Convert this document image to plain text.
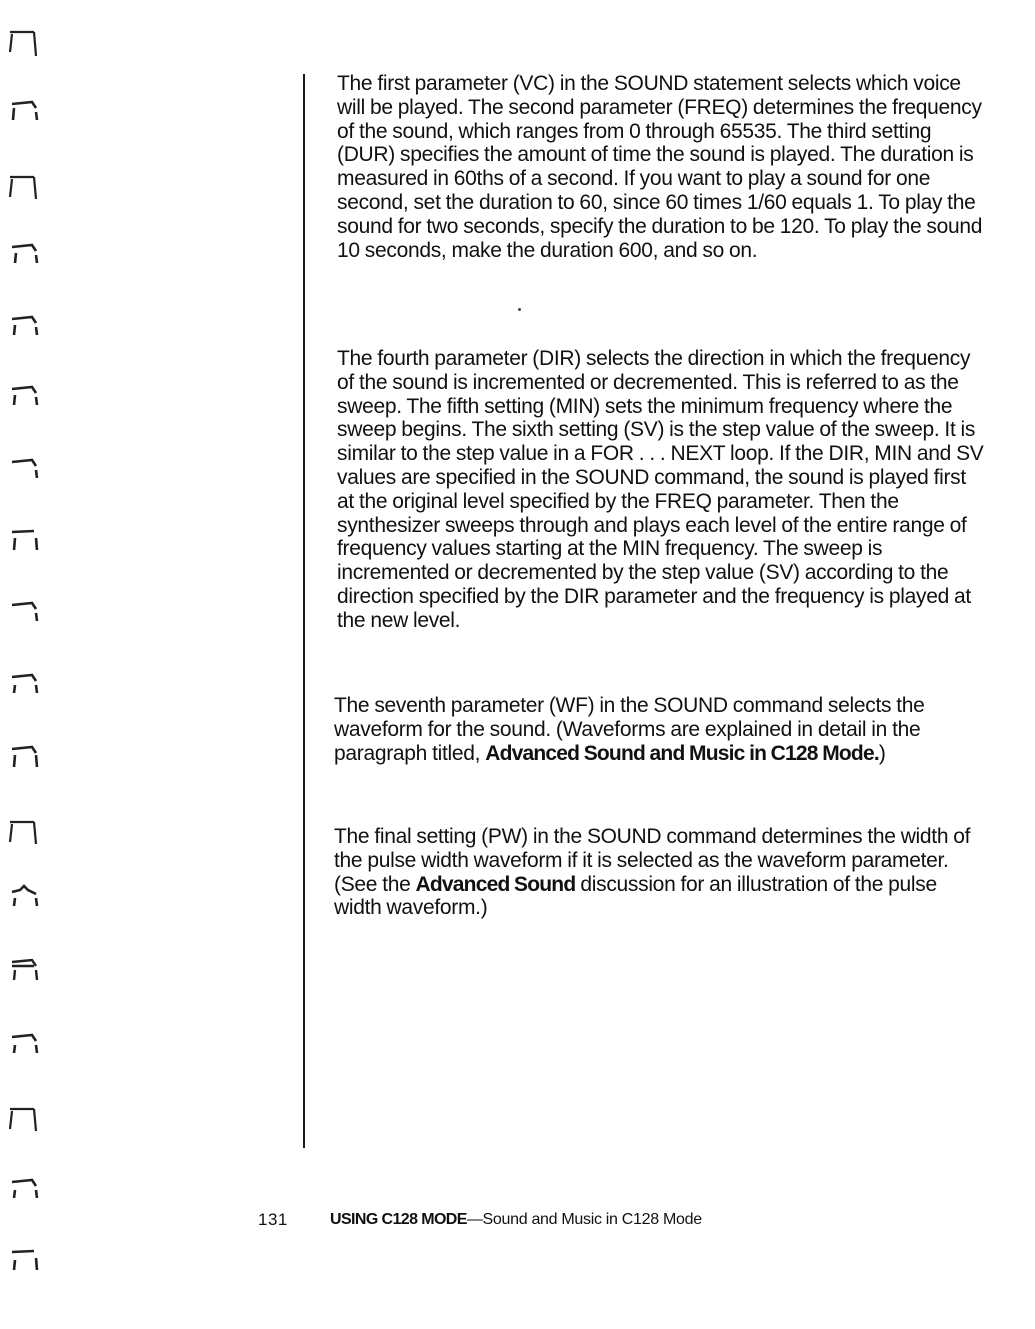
The first parameter (VC) in the SOUND statement selects which voice will be played. The second parameter (FREQ) determines the frequency of the sound, which ranges from 0 through 65535. The third setting (DUR) specifies the amount of time the sound is played. The duration is measured in 60ths of a second. If you want to play a sound for one second, set the duration to 60, since 60 times 1/60 equals 1. To play the sound for two seconds, specify the duration to be 120. To play the sound 10 seconds, make the duration 600, and so on.

The fourth parameter (DIR) selects the direction in which the frequency of the sound is incremented or decremented. This is referred to as the sweep. The fifth setting (MIN) sets the minimum frequency where the sweep begins. The sixth setting (SV) is the step value of the sweep. It is similar to the step value in a FOR . . . NEXT loop. If the DIR, MIN and SV values are specified in the SOUND command, the sound is played first at the original level specified by the FREQ parameter. Then the synthesizer sweeps through and plays each level of the entire range of frequency values starting at the MIN frequency. The sweep is incremented or decremented by the step value (SV) according to the direction specified by the DIR parameter and the frequency is played at the new level.

The seventh parameter (WF) in the SOUND command selects the waveform for the sound. (Waveforms are explained in detail in the paragraph titled, Advanced Sound and Music in C128 Mode.)

The final setting (PW) in the SOUND command determines the width of the pulse width waveform if it is selected as the waveform parameter. (See the Advanced Sound discussion for an illustration of the pulse width waveform.)

131	USING C128 MODE—Sound and Music in C128 Mode
